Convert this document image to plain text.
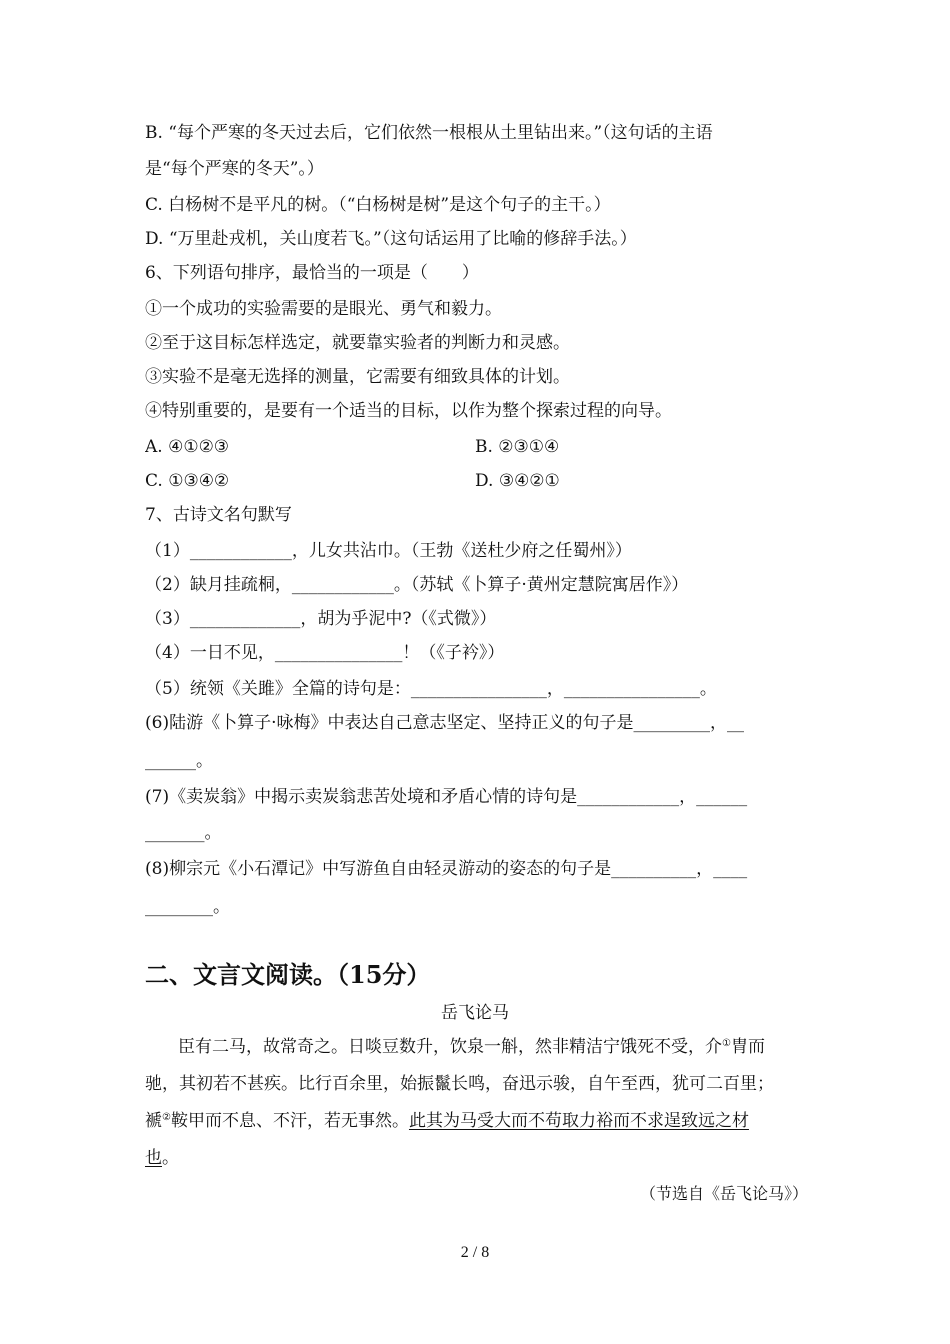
B. “每个严寒的冬天过去后，它们依然一根根从土里钻出来。”（这句话的主语
是“每个严寒的冬天”。）
C. 白杨树不是平凡的树。（“白杨树是树”是这个句子的主干。）
D. “万里赴戎机，关山度若飞。”（这句话运用了比喻的修辞手法。）
6、下列语句排序，最恰当的一项是（　　）
①一个成功的实验需要的是眼光、勇气和毅力。
②至于这目标怎样选定，就要靠实验者的判断力和灵感。
③实验不是毫无选择的测量，它需要有细致具体的计划。
④特别重要的，是要有一个适当的目标，以作为整个探索过程的向导。
A. ④①②③	B. ②③①④
C. ①③④②	D. ③④②①
7、古诗文名句默写
（1）____________，儿女共沾巾。（王勃《送杜少府之任蜀州》）
（2）缺月挂疏桐，____________。（苏轼《卜算子·黄州定慧院寓居作》）
（3）_____________，胡为乎泥中?（《式微》）
（4）一日不见，_______________！（《子衿》）
（5）统领《关雎》全篇的诗句是：________________，________________。
(6)陆游《卜算子·咏梅》中表达自己意志坚定、坚持正义的句子是_________，__
______。
(7)《卖炭翁》中揭示卖炭翁悲苦处境和矛盾心情的诗句是____________，______
_______。
(8)柳宗元《小石潭记》中写游鱼自由轻灵游动的姿态的句子是__________，____
________。
二、文言文阅读。（15分）
岳飞论马
臣有二马，故常奇之。日啖豆数升，饮泉一斛，然非精洁宁饿死不受，介①胄而
驰，其初若不甚疾。比行百余里，始振鬣长鸣，奋迅示骏，自午至西，犹可二百里；
褫②鞍甲而不息、不汗，若无事然。此其为马受大而不苟取力裕而不求逞致远之材
也。
（节选自《岳飞论马》）
2 / 8
